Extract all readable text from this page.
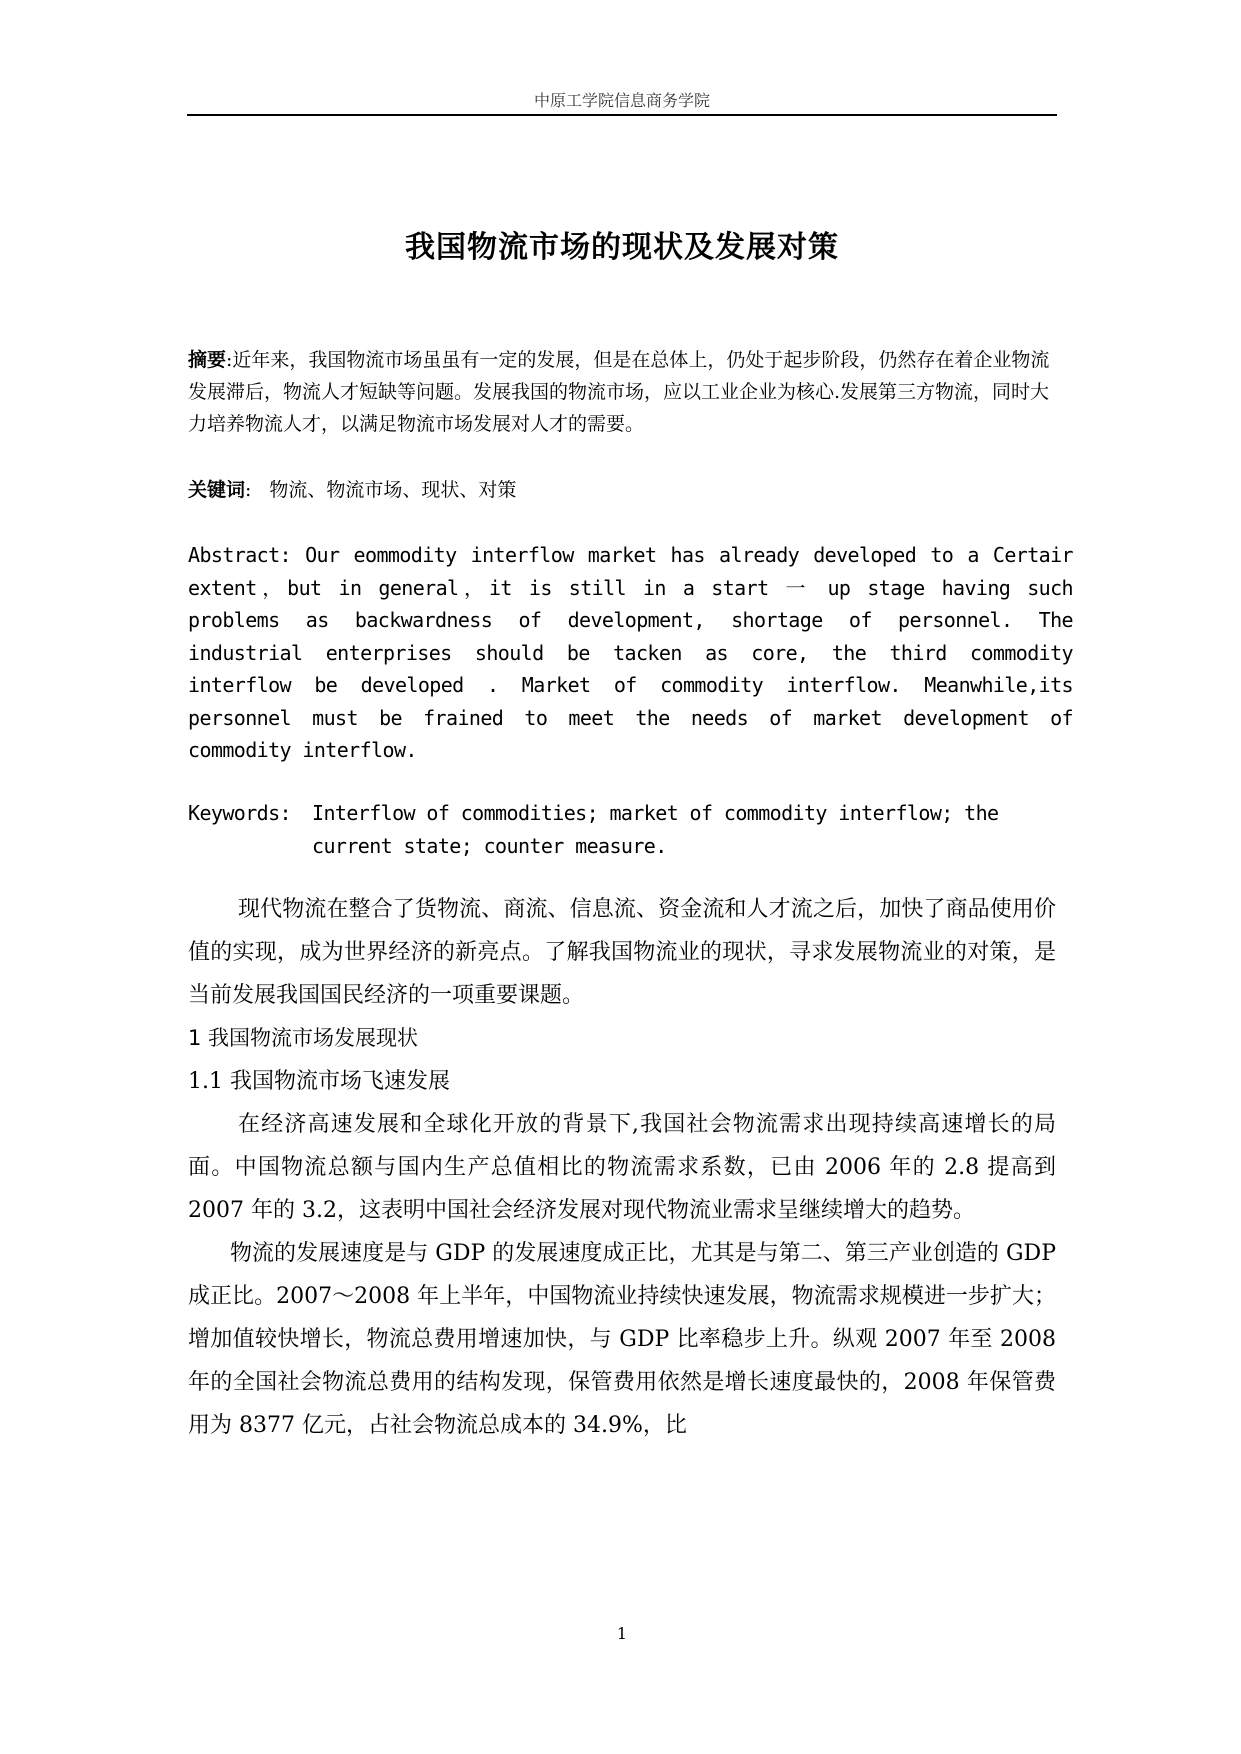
中原工学院信息商务学院
我国物流市场的现状及发展对策
摘要:近年来，我国物流市场虽虽有一定的发展，但是在总体上，仍处于起步阶段，仍然存在着企业物流发展滞后，物流人才短缺等问题。发展我国的物流市场，应以工业企业为核心.发展第三方物流，同时大力培养物流人才，以满足物流市场发展对人才的需要。
关键词: 物流、物流市场、现状、对策
Abstract: Our eommodity interflow market has already developed to a Certair extent，but in general，it is still in a start 一 up stage having such problems as backwardness of development, shortage of personnel. The industrial enterprises should be tacken as core, the third commodity interflow be developed . Market of commodity interflow. Meanwhile,its personnel must be frained to meet the needs of market development of commodity interflow.
Keywords: Interflow of commodities; market of commodity interflow; the
current state; counter measure.

现代物流在整合了货物流、商流、信息流、资金流和人才流之后，加快了商品使用价值的实现，成为世界经济的新亮点。了解我国物流业的现状，寻求发展物流业的对策，是当前发展我国国民经济的一项重要课题。

1 我国物流市场发展现状

1.1 我国物流市场飞速发展

在经济高速发展和全球化开放的背景下,我国社会物流需求出现持续高速增长的局面。中国物流总额与国内生产总值相比的物流需求系数，已由 2006 年的 2.8 提高到 2007 年的 3.2，这表明中国社会经济发展对现代物流业需求呈继续增大的趋势。

物流的发展速度是与 GDP 的发展速度成正比，尤其是与第二、第三产业创造的 GDP 成正比。2007～2008 年上半年，中国物流业持续快速发展，物流需求规模进一步扩大；增加值较快增长，物流总费用增速加快，与 GDP 比率稳步上升。纵观 2007 年至 2008 年的全国社会物流总费用的结构发现，保管费用依然是增长速度最快的，2008 年保管费用为 8377 亿元，占社会物流总成本的 34.9%，比

1
